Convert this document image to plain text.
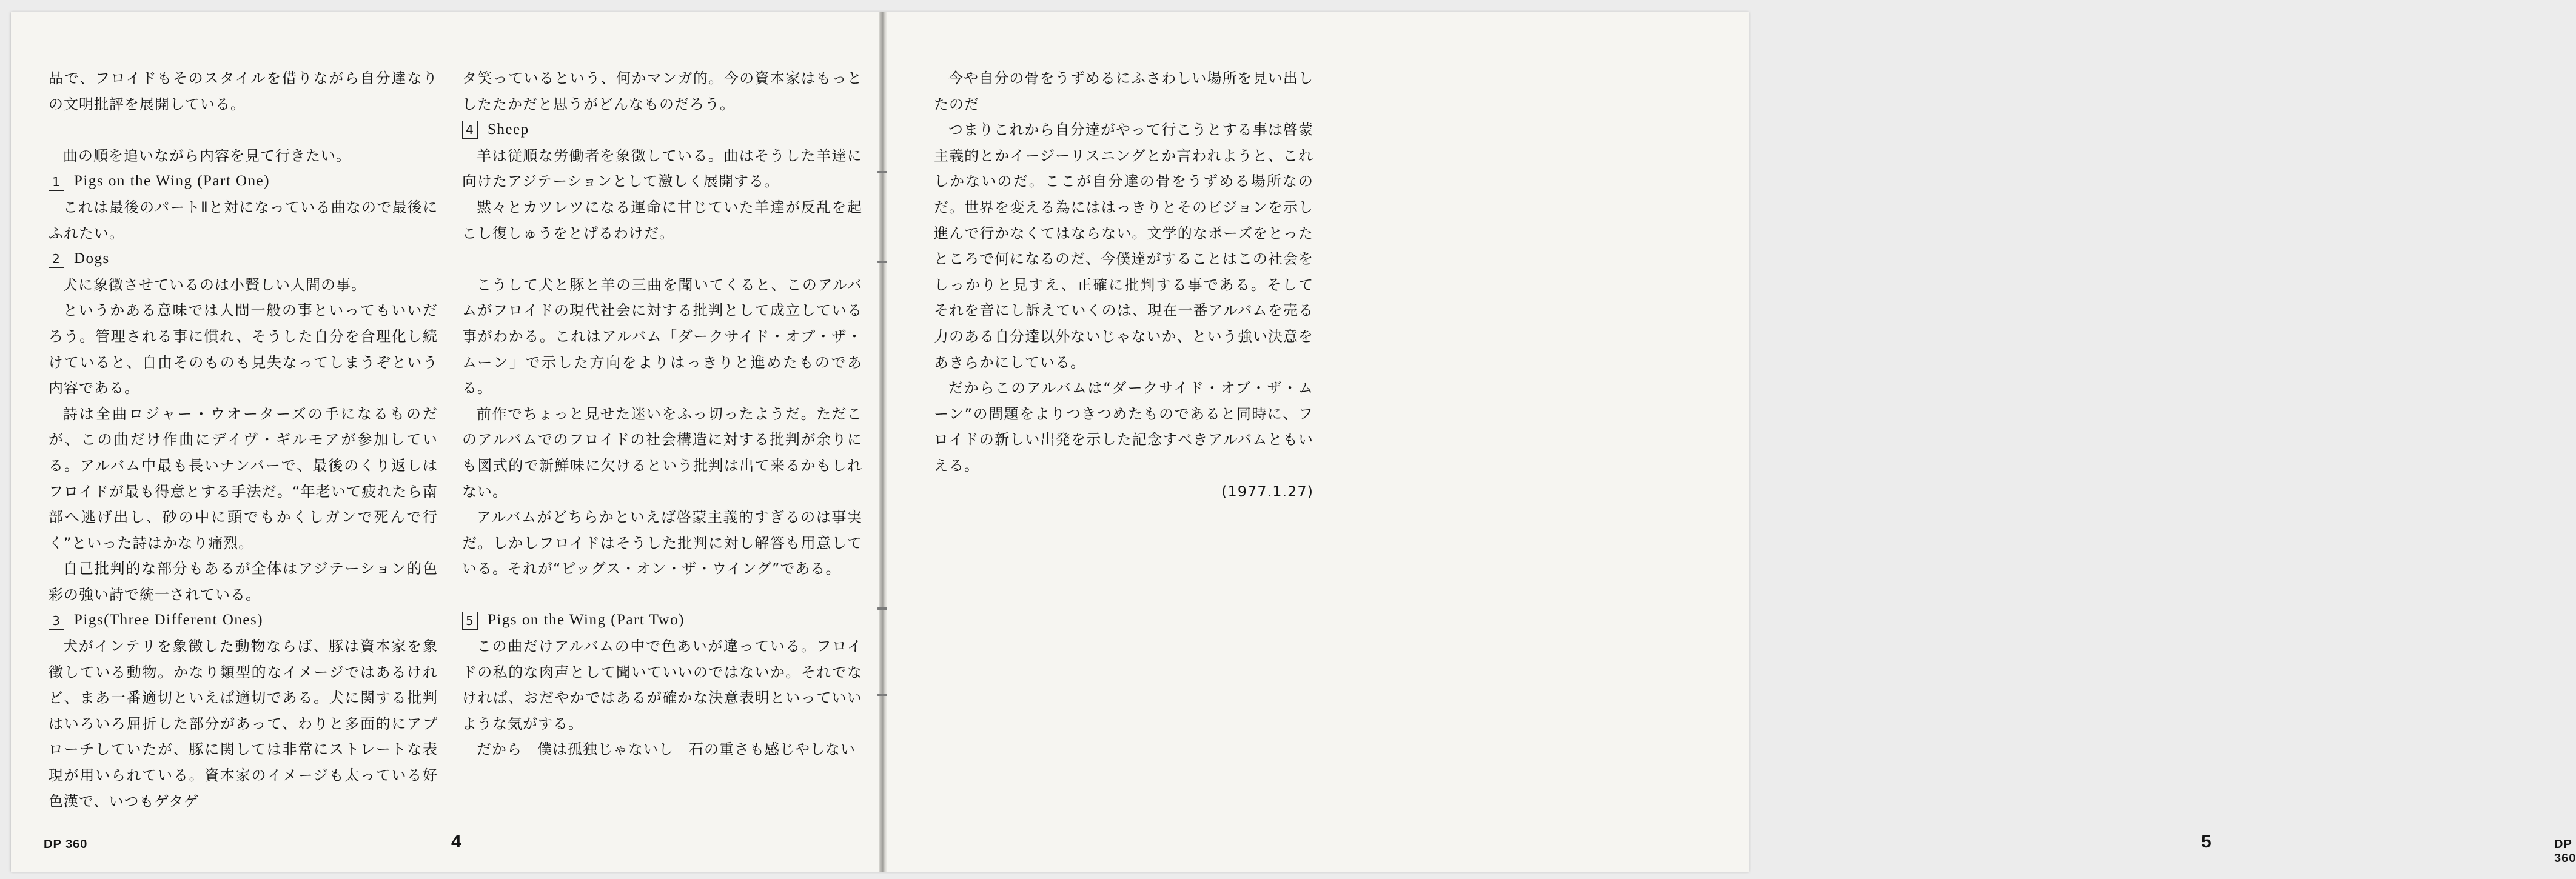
品で、フロイドもそのスタイルを借りながら自分達なりの文明批評を展開している。

曲の順を追いながら内容を見て行きたい。

1 Pigs on the Wing (Part One)

これは最後のパートⅡと対になっている曲なので最後にふれたい。

2 Dogs

犬に象徴させているのは小賢しい人間の事。

というかある意味では人間一般の事といってもいいだろう。管理される事に慣れ、そうした自分を合理化し続けていると、自由そのものも見失なってしまうぞという内容である。

詩は全曲ロジャー・ウオーターズの手になるものだが、この曲だけ作曲にデイヴ・ギルモアが参加している。アルバム中最も長いナンバーで、最後のくり返しはフロイドが最も得意とする手法だ。“年老いて疲れたら南部へ逃げ出し、砂の中に頭でもかくしガンで死んで行く”といった詩はかなり痛烈。

自己批判的な部分もあるが全体はアジテーション的色彩の強い詩で統一されている。

3 Pigs(Three Different Ones)

犬がインテリを象徴した動物ならば、豚は資本家を象徴している動物。かなり類型的なイメージではあるけれど、まあ一番適切といえば適切である。犬に関する批判はいろいろ屈折した部分があって、わりと多面的にアプローチしていたが、豚に関しては非常にストレートな表現が用いられている。資本家のイメージも太っている好色漢で、いつもゲタゲ

タ笑っているという、何かマンガ的。今の資本家はもっとしたたかだと思うがどんなものだろう。

4 Sheep

羊は従順な労働者を象徴している。曲はそうした羊達に向けたアジテーションとして激しく展開する。

黙々とカツレツになる運命に甘じていた羊達が反乱を起こし復しゅうをとげるわけだ。

こうして犬と豚と羊の三曲を聞いてくると、このアルバムがフロイドの現代社会に対する批判として成立している事がわかる。これはアルバム「ダークサイド・オブ・ザ・ムーン」で示した方向をよりはっきりと進めたものである。

前作でちょっと見せた迷いをふっ切ったようだ。ただこのアルバムでのフロイドの社会構造に対する批判が余りにも図式的で新鮮味に欠けるという批判は出て来るかもしれない。

アルバムがどちらかといえば啓蒙主義的すぎるのは事実だ。しかしフロイドはそうした批判に対し解答も用意している。それが“ピッグス・オン・ザ・ウイング”である。

5 Pigs on the Wing (Part Two)

この曲だけアルバムの中で色あいが違っている。フロイドの私的な肉声として聞いていいのではないか。それでなければ、おだやかではあるが確かな決意表明といっていいような気がする。

だから　僕は孤独じゃないし　石の重さも感じやしない

4
DP 360	5	DP 360

今や自分の骨をうずめるにふさわしい場所を見い出したのだ

つまりこれから自分達がやって行こうとする事は啓蒙主義的とかイージーリスニングとか言われようと、これしかないのだ。ここが自分達の骨をうずめる場所なのだ。世界を変える為にははっきりとそのビジョンを示し進んで行かなくてはならない。文学的なポーズをとったところで何になるのだ、今僕達がすることはこの社会をしっかりと見すえ、正確に批判する事である。そしてそれを音にし訴えていくのは、現在一番アルバムを売る力のある自分達以外ないじゃないか、という強い決意をあきらかにしている。

だからこのアルバムは“ダークサイド・オブ・ザ・ムーン”の問題をよりつきつめたものであると同時に、フロイドの新しい出発を示した記念すべきアルバムともいえる。

(1977.1.27)
